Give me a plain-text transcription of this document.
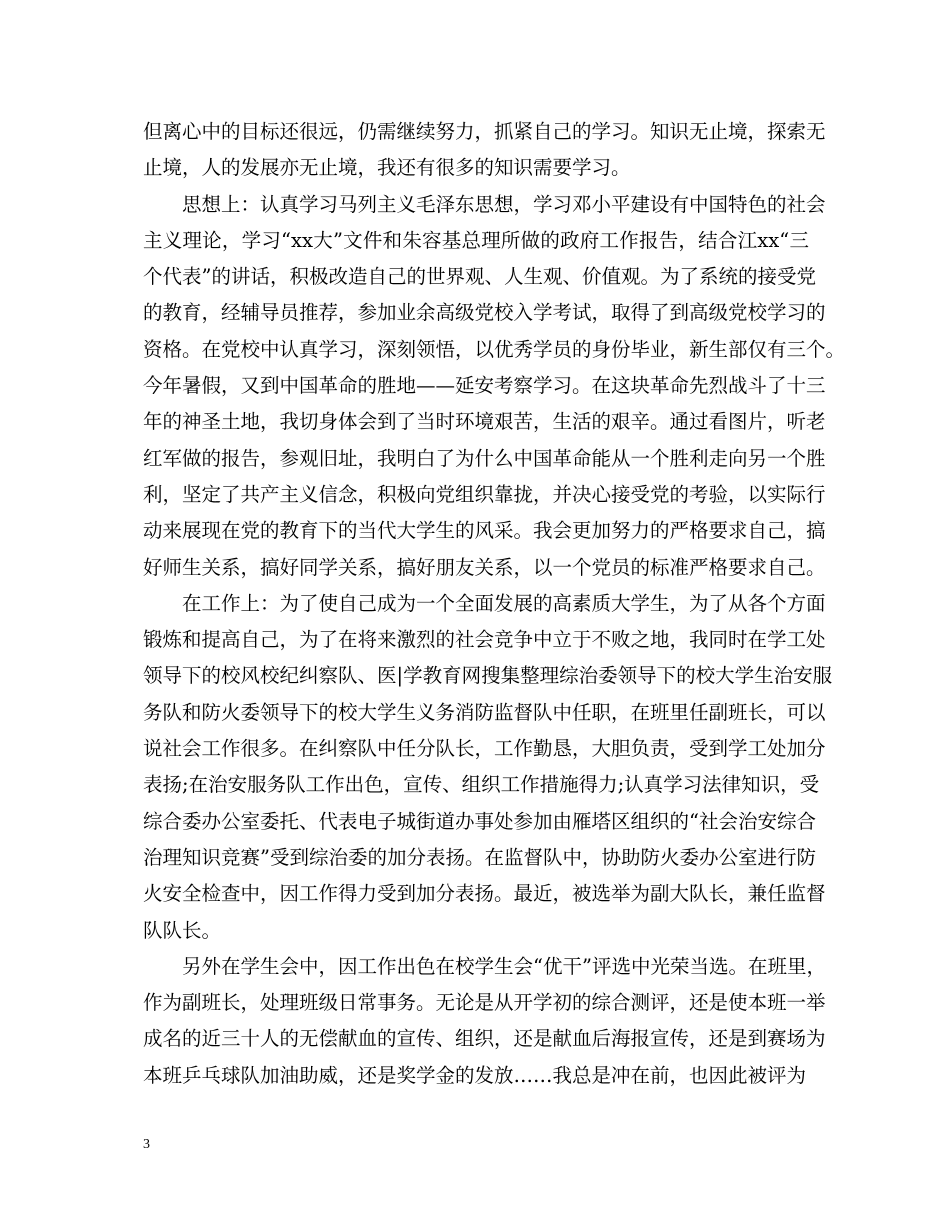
但离心中的目标还很远，仍需继续努力，抓紧自己的学习。知识无止境，探索无
止境，人的发展亦无止境，我还有很多的知识需要学习。
思想上：认真学习马列主义毛泽东思想，学习邓小平建设有中国特色的社会
主义理论，学习“xx大”文件和朱容基总理所做的政府工作报告，结合江xx“三
个代表”的讲话，积极改造自己的世界观、人生观、价值观。为了系统的接受党
的教育，经辅导员推荐，参加业余高级党校入学考试，取得了到高级党校学习的
资格。在党校中认真学习，深刻领悟，以优秀学员的身份毕业，新生部仅有三个。
今年暑假，又到中国革命的胜地——延安考察学习。在这块革命先烈战斗了十三
年的神圣土地，我切身体会到了当时环境艰苦，生活的艰辛。通过看图片，听老
红军做的报告，参观旧址，我明白了为什么中国革命能从一个胜利走向另一个胜
利，坚定了共产主义信念，积极向党组织靠拢，并决心接受党的考验，以实际行
动来展现在党的教育下的当代大学生的风采。我会更加努力的严格要求自己，搞
好师生关系，搞好同学关系，搞好朋友关系，以一个党员的标准严格要求自己。
在工作上：为了使自己成为一个全面发展的高素质大学生，为了从各个方面
锻炼和提高自己，为了在将来激烈的社会竞争中立于不败之地，我同时在学工处
领导下的校风校纪纠察队、医|学教育网搜集整理综治委领导下的校大学生治安服
务队和防火委领导下的校大学生义务消防监督队中任职，在班里任副班长，可以
说社会工作很多。在纠察队中任分队长，工作勤恳，大胆负责，受到学工处加分
表扬;在治安服务队工作出色，宣传、组织工作措施得力;认真学习法律知识，受
综合委办公室委托、代表电子城街道办事处参加由雁塔区组织的“社会治安综合
治理知识竞赛”受到综治委的加分表扬。在监督队中，协助防火委办公室进行防
火安全检查中，因工作得力受到加分表扬。最近，被选举为副大队长，兼任监督
队队长。
另外在学生会中，因工作出色在校学生会“优干”评选中光荣当选。在班里，
作为副班长，处理班级日常事务。无论是从开学初的综合测评，还是使本班一举
成名的近三十人的无偿献血的宣传、组织，还是献血后海报宣传，还是到赛场为
本班乒乓球队加油助威，还是奖学金的发放……我总是冲在前，也因此被评为
3
